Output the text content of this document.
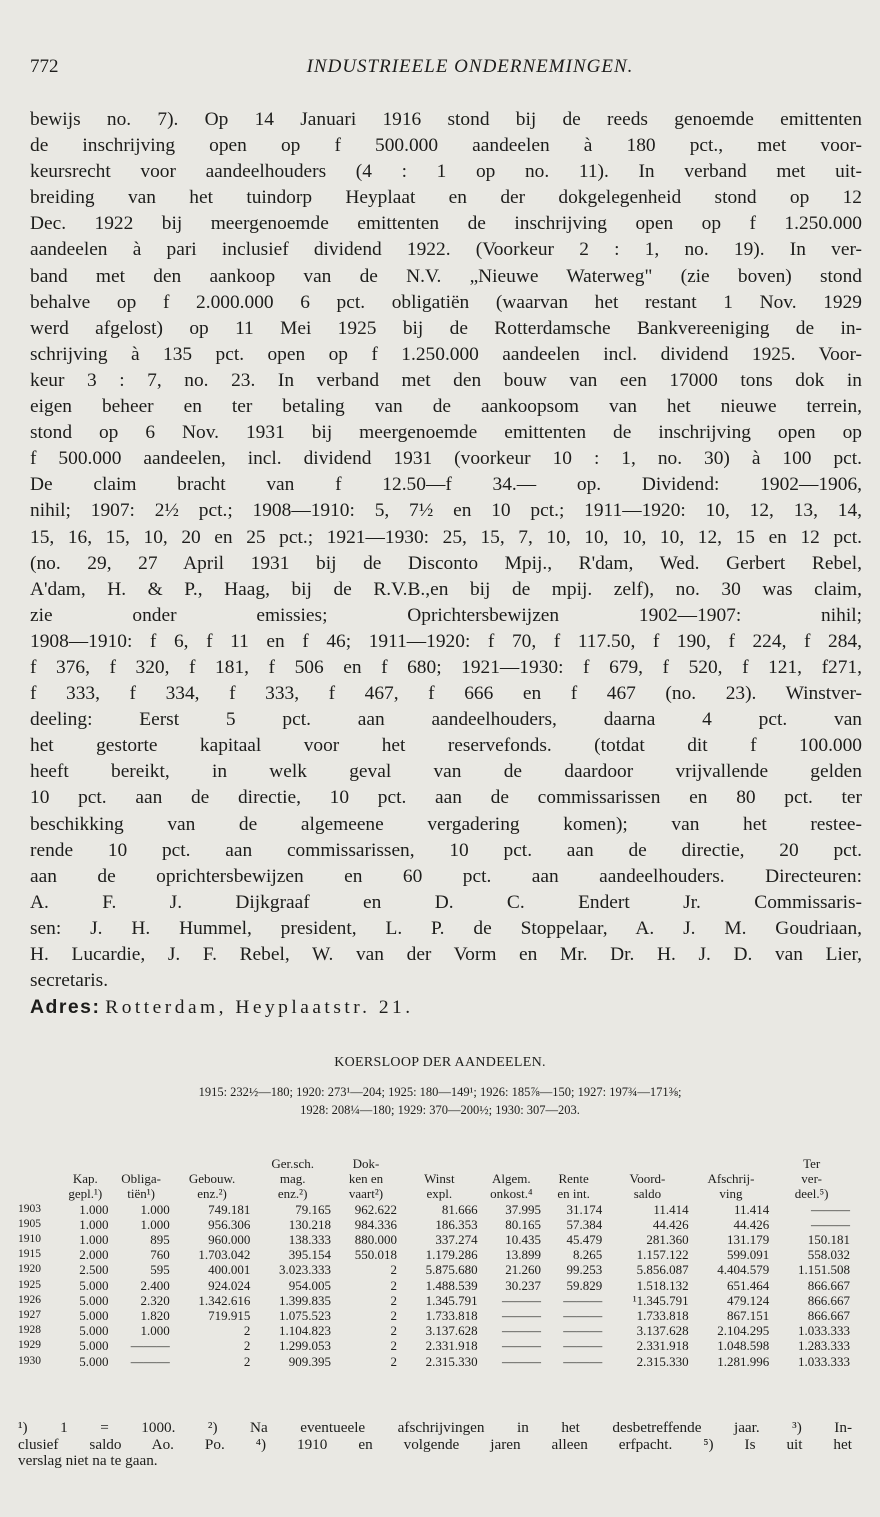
772	INDUSTRIEELE ONDERNEMINGEN.
bewijs no. 7). Op 14 Januari 1916 stond bij de reeds genoemde emittenten
de inschrijving open op f 500.000 aandeelen à 180 pct., met voor-
keursrecht voor aandeelhouders (4 : 1 op no. 11). In verband met uit-
breiding van het tuindorp Heyplaat en der dokgelegenheid stond op 12
Dec. 1922 bij meergenoemde emittenten de inschrijving open op f 1.250.000
aandeelen à pari inclusief dividend 1922. (Voorkeur 2 : 1, no. 19). In ver-
band met den aankoop van de N.V. „Nieuwe Waterweg" (zie boven) stond
behalve op f 2.000.000 6 pct. obligatiën (waarvan het restant 1 Nov. 1929
werd afgelost) op 11 Mei 1925 bij de Rotterdamsche Bankvereeniging de in-
schrijving à 135 pct. open op f 1.250.000 aandeelen incl. dividend 1925. Voor-
keur 3 : 7, no. 23. In verband met den bouw van een 17000 tons dok in
eigen beheer en ter betaling van de aankoopsom van het nieuwe terrein,
stond op 6 Nov. 1931 bij meergenoemde emittenten de inschrijving open op
f 500.000 aandeelen, incl. dividend 1931 (voorkeur 10 : 1, no. 30) à 100 pct.
De claim bracht van f 12.50—f 34.— op. Dividend: 1902—1906,
nihil; 1907: 2½ pct.; 1908—1910: 5, 7½ en 10 pct.; 1911—1920: 10, 12, 13, 14,
15, 16, 15, 10, 20 en 25 pct.; 1921—1930: 25, 15, 7, 10, 10, 10, 10, 12, 15 en 12 pct.
(no. 29, 27 April 1931 bij de Disconto Mpij., R'dam, Wed. Gerbert Rebel,
A'dam, H. & P., Haag, bij de R.V.B.,en bij de mpij. zelf), no. 30 was claim,
zie onder emissies; Oprichtersbewijzen 1902—1907: nihil;
1908—1910: f 6, f 11 en f 46; 1911—1920: f 70, f 117.50, f 190, f 224, f 284,
f 376, f 320, f 181, f 506 en f 680; 1921—1930: f 679, f 520, f 121, f271,
f 333, f 334, f 333, f 467, f 666 en f 467 (no. 23). Winstver-
deeling: Eerst 5 pct. aan aandeelhouders, daarna 4 pct. van
het gestorte kapitaal voor het reservefonds. (totdat dit f 100.000
heeft bereikt, in welk geval van de daardoor vrijvallende gelden
10 pct. aan de directie, 10 pct. aan de commissarissen en 80 pct. ter
beschikking van de algemeene vergadering komen); van het restee-
rende 10 pct. aan commissarissen, 10 pct. aan de directie, 20 pct.
aan de oprichtersbewijzen en 60 pct. aan aandeelhouders. Directeuren:
A. F. J. Dijkgraaf en D. C. Endert Jr. Commissaris-
sen: J. H. Hummel, president, L. P. de Stoppelaar, A. J. M. Goudriaan,
H. Lucardie, J. F. Rebel, W. van der Vorm en Mr. Dr. H. J. D. van Lier,
secretaris.
Adres: Rotterdam, Heyplaatstr. 21.
KOERSLOOP DER AANDEELEN.
1915: 232½—180; 1920: 273¹—204; 1925: 180—149¹; 1926: 185⅞—150; 1927: 197¾—171⅜;
1928: 208¼—180; 1929: 370—200½; 1930: 307—203.
				Ger.sch.	Dok-						Ter
	Kap.	Obliga-	Gebouw.	mag.	ken en	Winst	Algem.	Rente	Voord-	Afschrij-	ver-
	gepl.¹)	tiën¹)	enz.²)	enz.²)	vaart²)	expl.	onkost.⁴	en int.	saldo	ving	deel.⁵)
1903	1.000	1.000	749.181	79.165	962.622	81.666	37.995	31.174	11.414	11.414	———
1905	1.000	1.000	956.306	130.218	984.336	186.353	80.165	57.384	44.426	44.426	———
1910	1.000	895	960.000	138.333	880.000	337.274	10.435	45.479	281.360	131.179	150.181
1915	2.000	760	1.703.042	395.154	550.018	1.179.286	13.899	8.265	1.157.122	599.091	558.032
1920	2.500	595	400.001	3.023.333	2	5.875.680	21.260	99.253	5.856.087	4.404.579	1.151.508
1925	5.000	2.400	924.024	954.005	2	1.488.539	30.237	59.829	1.518.132	651.464	866.667
1926	5.000	2.320	1.342.616	1.399.835	2	1.345.791	———	———	¹1.345.791	479.124	866.667
1927	5.000	1.820	719.915	1.075.523	2	1.733.818	———	———	1.733.818	867.151	866.667
1928	5.000	1.000	2	1.104.823	2	3.137.628	———	———	3.137.628	2.104.295	1.033.333
1929	5.000	———	2	1.299.053	2	2.331.918	———	———	2.331.918	1.048.598	1.283.333
1930	5.000	———	2	909.395	2	2.315.330	———	———	2.315.330	1.281.996	1.033.333
¹) 1 = 1000. ²) Na eventueele afschrijvingen in het desbetreffende jaar. ³) In-
clusief saldo Ao. Po. ⁴) 1910 en volgende jaren alleen erfpacht. ⁵) Is uit het
verslag niet na te gaan.
